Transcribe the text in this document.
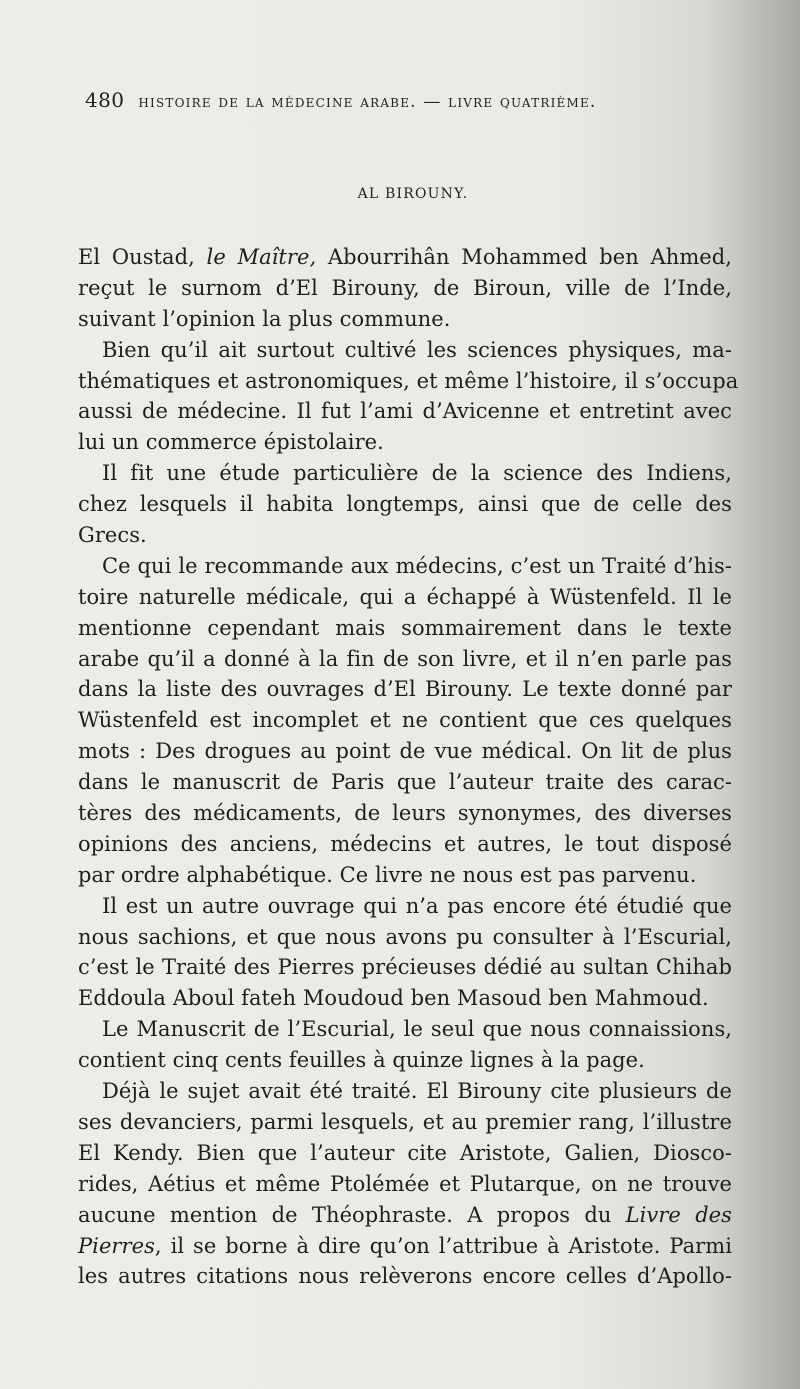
480 histoire de la médecine arabe. — livre quatrième.
AL BIROUNY.
El Oustad, le Maître, Abourrihân Mohammed ben Ahmed,
reçut le surnom d’El Birouny, de Biroun, ville de l’Inde,
suivant l’opinion la plus commune.
Bien qu’il ait surtout cultivé les sciences physiques, ma-
thématiques et astronomiques, et même l’histoire, il s’occupa
aussi de médecine. Il fut l’ami d’Avicenne et entretint avec
lui un commerce épistolaire.
Il fit une étude particulière de la science des Indiens,
chez lesquels il habita longtemps, ainsi que de celle des
Grecs.
Ce qui le recommande aux médecins, c’est un Traité d’his-
toire naturelle médicale, qui a échappé à Wüstenfeld. Il le
mentionne cependant mais sommairement dans le texte
arabe qu’il a donné à la fin de son livre, et il n’en parle pas
dans la liste des ouvrages d’El Birouny. Le texte donné par
Wüstenfeld est incomplet et ne contient que ces quelques
mots : Des drogues au point de vue médical. On lit de plus
dans le manuscrit de Paris que l’auteur traite des carac-
tères des médicaments, de leurs synonymes, des diverses
opinions des anciens, médecins et autres, le tout disposé
par ordre alphabétique. Ce livre ne nous est pas parvenu.
Il est un autre ouvrage qui n’a pas encore été étudié que
nous sachions, et que nous avons pu consulter à l’Escurial,
c’est le Traité des Pierres précieuses dédié au sultan Chihab
Eddoula Aboul fateh Moudoud ben Masoud ben Mahmoud.
Le Manuscrit de l’Escurial, le seul que nous connaissions,
contient cinq cents feuilles à quinze lignes à la page.
Déjà le sujet avait été traité. El Birouny cite plusieurs de
ses devanciers, parmi lesquels, et au premier rang, l’illustre
El Kendy. Bien que l’auteur cite Aristote, Galien, Diosco-
rides, Aétius et même Ptolémée et Plutarque, on ne trouve
aucune mention de Théophraste. A propos du Livre des
Pierres, il se borne à dire qu’on l’attribue à Aristote. Parmi
les autres citations nous relèverons encore celles d’Apollo-
